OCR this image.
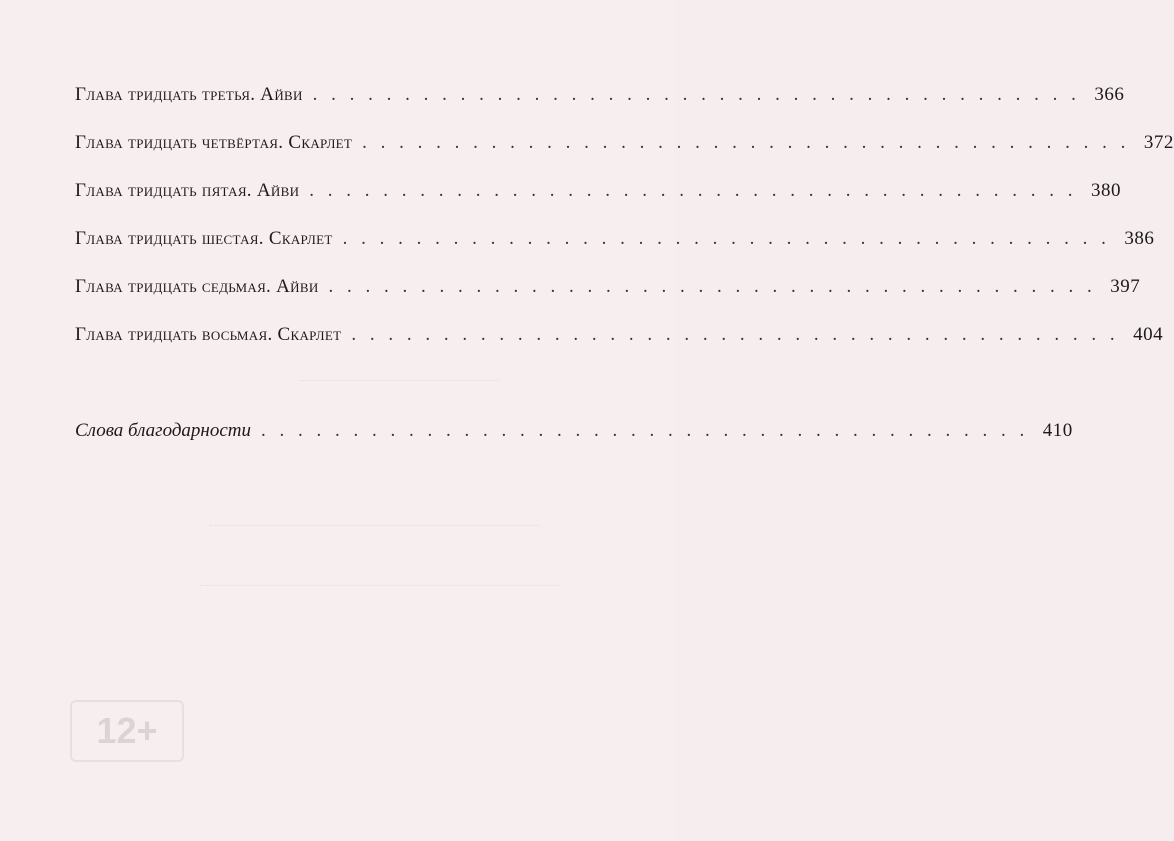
12+
Глава тридцать третья. Айви . . . . . . . . . . . . . . . . . . . . . . . . . . . . . . . . . . . . . . . . . . 366
Глава тридцать четвёртая. Скарлет . . . . . . . . . . . . . . . . . . . . . . . . . . . . . . . . . . . . . . . . . . 372
Глава тридцать пятая. Айви . . . . . . . . . . . . . . . . . . . . . . . . . . . . . . . . . . . . . . . . . . 380
Глава тридцать шестая. Скарлет . . . . . . . . . . . . . . . . . . . . . . . . . . . . . . . . . . . . . . . . . . 386
Глава тридцать седьмая. Айви . . . . . . . . . . . . . . . . . . . . . . . . . . . . . . . . . . . . . . . . . . 397
Глава тридцать восьмая. Скарлет . . . . . . . . . . . . . . . . . . . . . . . . . . . . . . . . . . . . . . . . . . 404
Слова благодарности . . . . . . . . . . . . . . . . . . . . . . . . . . . . . . . . . . . . . . . . . . 410
